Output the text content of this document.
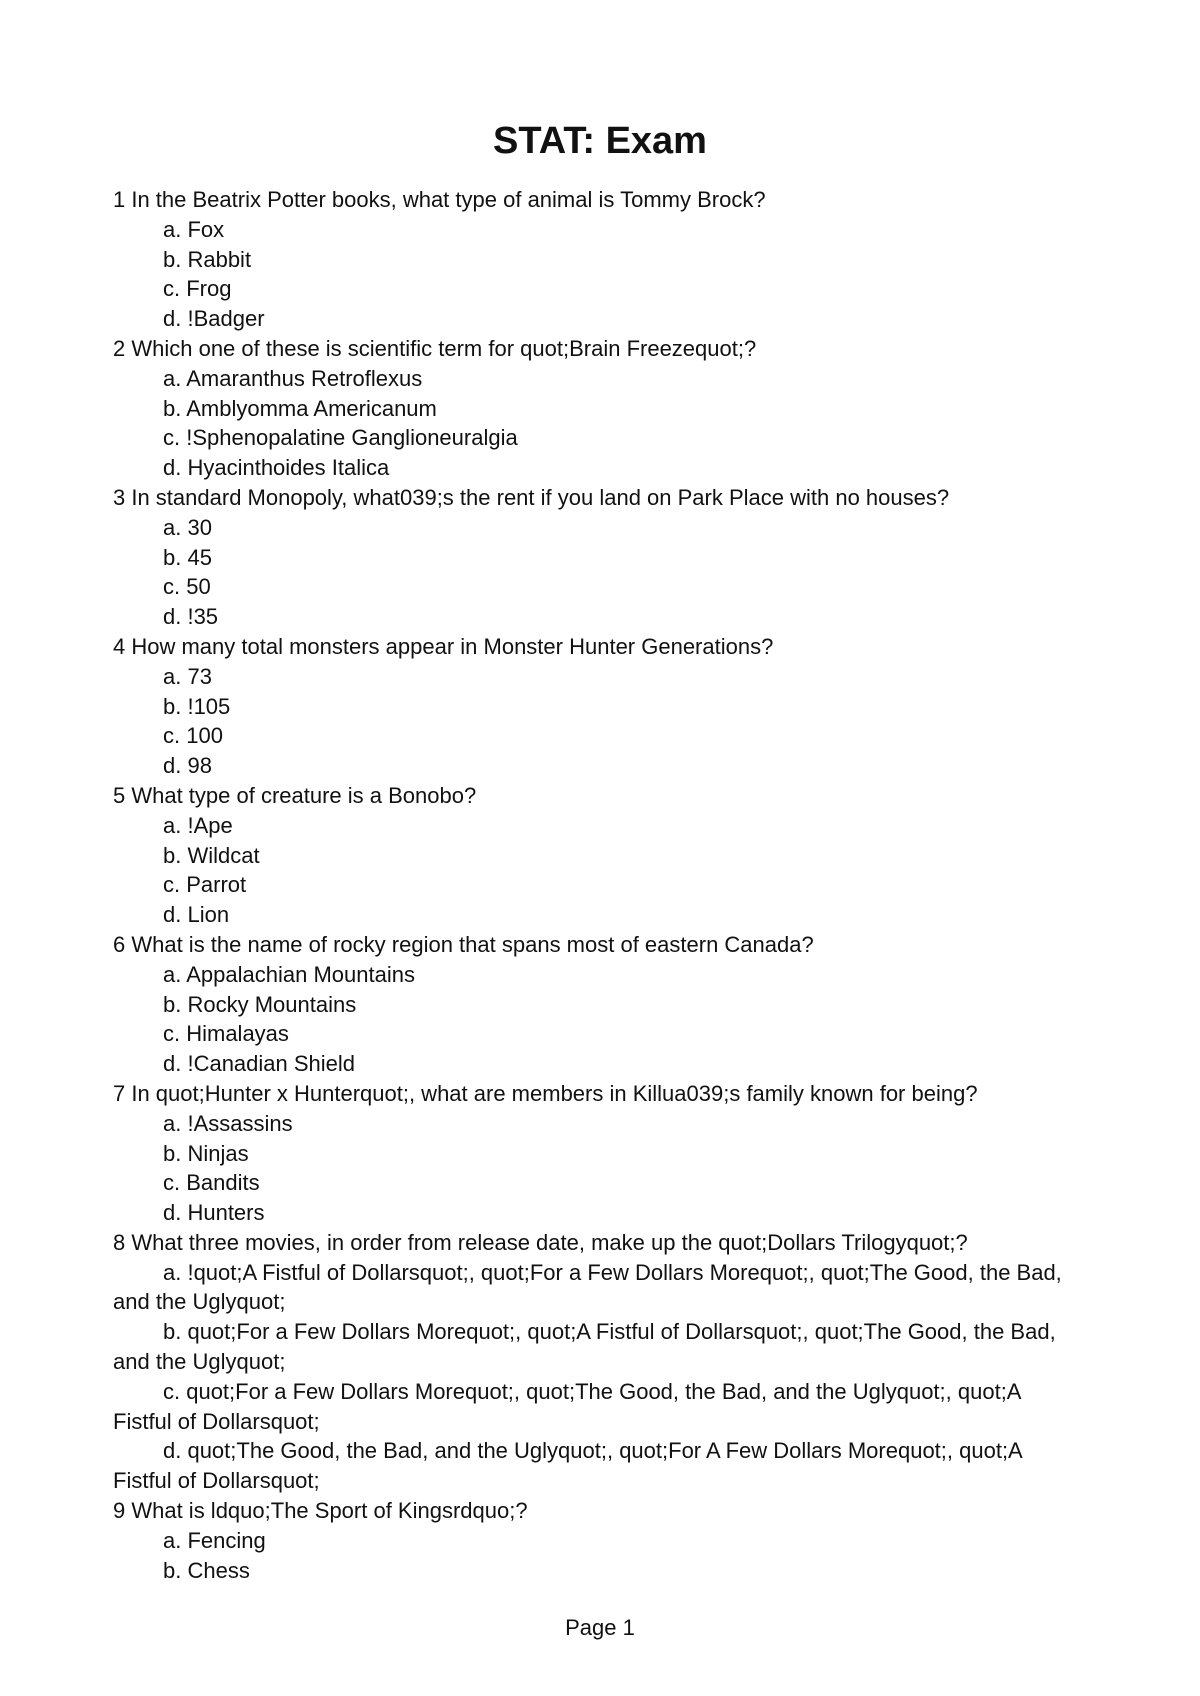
STAT: Exam
1 In the Beatrix Potter books, what type of animal is Tommy Brock?
a. Fox
b. Rabbit
c. Frog
d. !Badger
2 Which one of these is scientific term for quot;Brain Freezequot;?
a. Amaranthus Retroflexus
b. Amblyomma Americanum
c. !Sphenopalatine Ganglioneuralgia
d. Hyacinthoides Italica
3 In standard Monopoly, what039;s the rent if you land on Park Place with no houses?
a. 30
b. 45
c. 50
d. !35
4 How many total monsters appear in Monster Hunter Generations?
a. 73
b. !105
c. 100
d. 98
5 What type of creature is a Bonobo?
a. !Ape
b. Wildcat
c. Parrot
d. Lion
6 What is the name of rocky region that spans most of eastern Canada?
a. Appalachian Mountains
b. Rocky Mountains
c. Himalayas
d. !Canadian Shield
7 In quot;Hunter x Hunterquot;, what are members in Killua039;s family known for being?
a. !Assassins
b. Ninjas
c. Bandits
d. Hunters
8 What three movies, in order from release date, make up the quot;Dollars Trilogyquot;?
a. !quot;A Fistful of Dollarsquot;, quot;For a Few Dollars Morequot;, quot;The Good, the Bad, and the Uglyquot;
b. quot;For a Few Dollars Morequot;, quot;A Fistful of Dollarsquot;, quot;The Good, the Bad, and the Uglyquot;
c. quot;For a Few Dollars Morequot;, quot;The Good, the Bad, and the Uglyquot;, quot;A Fistful of Dollarsquot;
d. quot;The Good, the Bad, and the Uglyquot;, quot;For A Few Dollars Morequot;, quot;A Fistful of Dollarsquot;
9 What is ldquo;The Sport of Kingsrdquo;?
a. Fencing
b. Chess
Page 1
